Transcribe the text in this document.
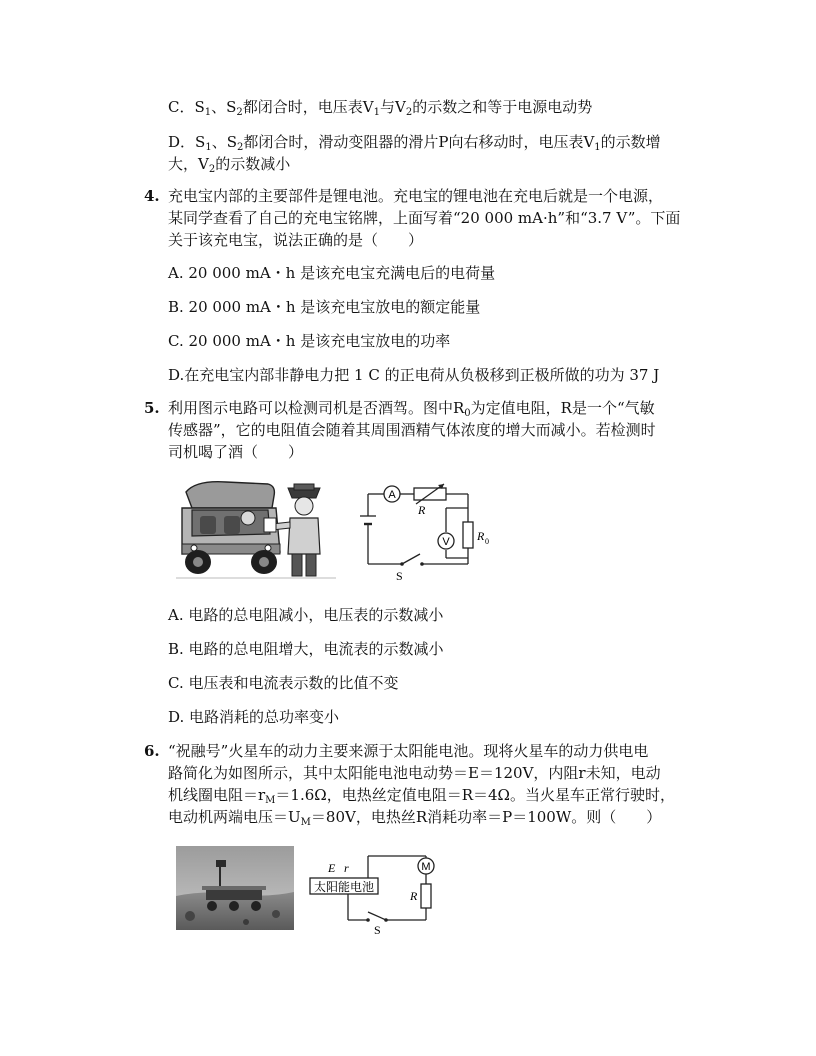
C．$S_1$、$S_2$都闭合时，电压表$V_1$与$V_2$的示数之和等于电源电动势
D．$S_1$、$S_2$都闭合时，滑动变阻器的滑片P向右移动时，电压表$V_1$的示数增
大，$V_2$的示数减小
4. 充电宝内部的主要部件是锂电池。充电宝的锂电池在充电后就是一个电源，
某同学查看了自己的充电宝铭牌，上面写着“20 000 mA·h”和“3.7 V”。下面
关于该充电宝，说法正确的是（　　）
A. 20 000 mA・h 是该充电宝充满电后的电荷量
B. 20 000 mA・h 是该充电宝放电的额定能量
C. 20 000 mA・h 是该充电宝放电的功率
D.在充电宝内部非静电力把 1 C 的正电荷从负极移到正极所做的功为 37 J
5. 利用图示电路可以检测司机是否酒驾。图中$R_0$为定值电阻，R是一个“气敏
传感器”，它的电阻值会随着其周围酒精气体浓度的增大而减小。若检测时
司机喝了酒（　　）
A
V
R
R 0
S
A. 电路的总电阻减小，电压表的示数减小
B. 电路的总电阻增大，电流表的示数减小
C. 电压表和电流表示数的比值不变
D. 电路消耗的总功率变小
6. “祝融号”火星车的动力主要来源于太阳能电池。现将火星车的动力供电电
路简化为如图所示，其中太阳能电池电动势＝E＝120V，内阻r未知，电动
机线圈电阻$=r_M=1.6\Omega$，电热丝定值电阻＝R＝4Ω。当火星车正常行驶时，
电动机两端电压$=U_M=80V$，电热丝R消耗功率＝P＝100W。则（　　）
E r
太阳能电池
M
R
S
